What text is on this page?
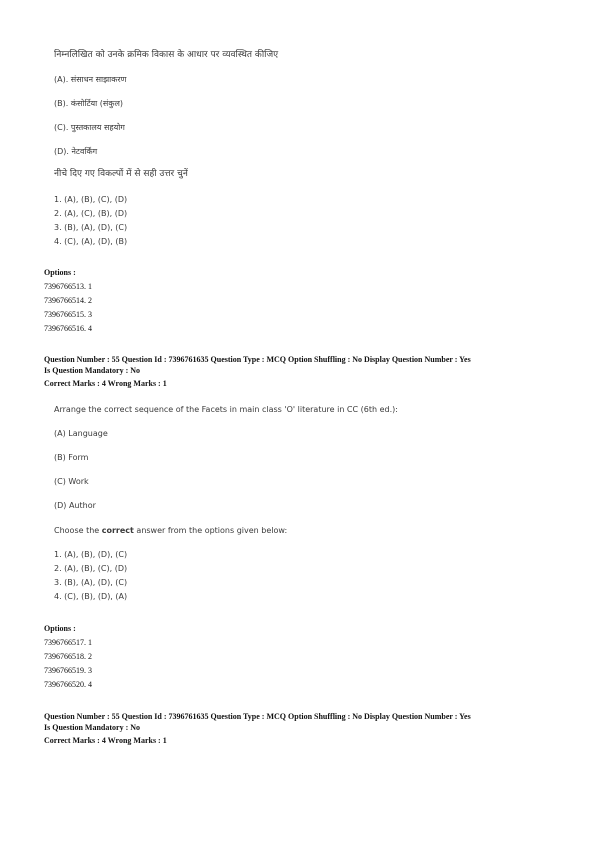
निम्नलिखित को उनके क्रमिक विकास के आधार पर व्यवस्थित कीजिए
(A). संसाधन साझाकरण
(B). कंसोर्टिया (संकुल)
(C). पुस्तकालय सहयोग
(D). नेटवर्किंग
नीचे दिए गए विकल्पों में से सही उत्तर चुनें
1. (A), (B), (C), (D)
2. (A), (C), (B), (D)
3. (B), (A), (D), (C)
4. (C), (A), (D), (B)
Options :
7396766513. 1
7396766514. 2
7396766515. 3
7396766516. 4
Question Number : 55 Question Id : 7396761635 Question Type : MCQ Option Shuffling : No Display Question Number : Yes
Is Question Mandatory : No
Correct Marks : 4 Wrong Marks : 1
Arrange the correct sequence of the Facets in main class 'O' literature in CC (6th ed.):
(A) Language
(B) Form
(C) Work
(D) Author
Choose the correct answer from the options given below:
1. (A), (B), (D), (C)
2. (A), (B), (C), (D)
3. (B), (A), (D), (C)
4. (C), (B), (D), (A)
Options :
7396766517. 1
7396766518. 2
7396766519. 3
7396766520. 4
Question Number : 55 Question Id : 7396761635 Question Type : MCQ Option Shuffling : No Display Question Number : Yes
Is Question Mandatory : No
Correct Marks : 4 Wrong Marks : 1
